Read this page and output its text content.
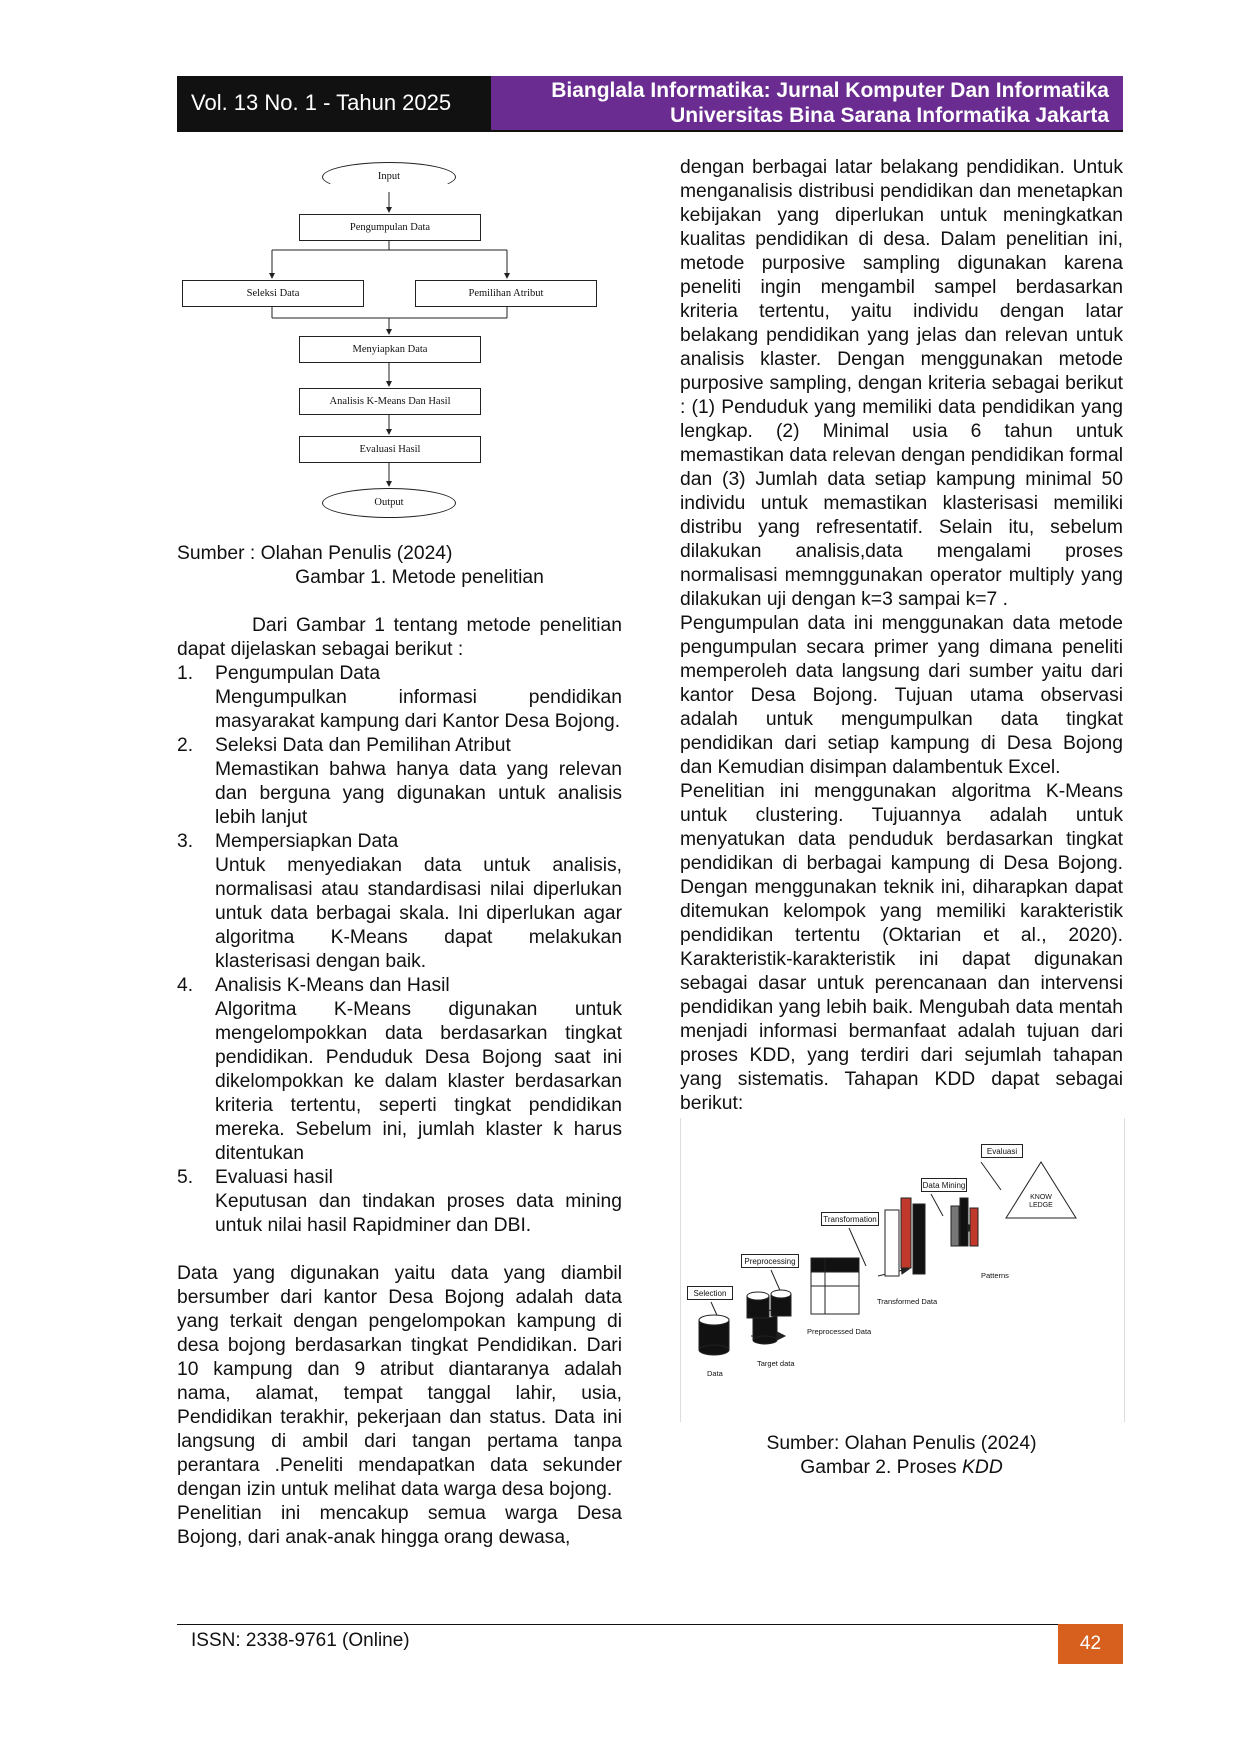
Vol. 13 No. 1 - Tahun 2025	Bianglala Informatika: Jurnal Komputer Dan Informatika
Universitas Bina Sarana Informatika Jakarta
Input
Pengumpulan Data
Seleksi Data	Pemilihan Atribut
Menyiapkan Data
Analisis K-Means Dan Hasil
Evaluasi Hasil
Output

Sumber : Olahan Penulis (2024)

Gambar 1. Metode penelitian

Dari Gambar 1 tentang metode penelitian dapat dijelaskan sebagai berikut :

1. Pengumpulan Data
Mengumpulkan informasi pendidikan masyarakat kampung dari Kantor Desa Bojong.
2. Seleksi Data dan Pemilihan Atribut
Memastikan bahwa hanya data yang relevan dan berguna yang digunakan untuk analisis lebih lanjut
3. Mempersiapkan Data
Untuk menyediakan data untuk analisis, normalisasi atau standardisasi nilai diperlukan untuk data berbagai skala. Ini diperlukan agar algoritma K-Means dapat melakukan klasterisasi dengan baik.
4. Analisis K-Means dan Hasil
Algoritma K-Means digunakan untuk mengelompokkan data berdasarkan tingkat pendidikan. Penduduk Desa Bojong saat ini dikelompokkan ke dalam klaster berdasarkan kriteria tertentu, seperti tingkat pendidikan mereka. Sebelum ini, jumlah klaster k harus ditentukan
5. Evaluasi hasil
Keputusan dan tindakan proses data mining untuk nilai hasil Rapidminer dan DBI.

Data yang digunakan yaitu data yang diambil bersumber dari kantor Desa Bojong adalah data yang terkait dengan pengelompokan kampung di desa bojong berdasarkan tingkat Pendidikan. Dari 10 kampung dan 9 atribut diantaranya adalah nama, alamat, tempat tanggal lahir, usia, Pendidikan terakhir, pekerjaan dan status. Data ini langsung di ambil dari tangan pertama tanpa perantara .Peneliti mendapatkan data sekunder dengan izin untuk melihat data warga desa bojong.

Penelitian ini mencakup semua warga Desa Bojong, dari anak-anak hingga orang dewasa,

dengan berbagai latar belakang pendidikan. Untuk menganalisis distribusi pendidikan dan menetapkan kebijakan yang diperlukan untuk meningkatkan kualitas pendidikan di desa. Dalam penelitian ini, metode purposive sampling digunakan karena peneliti ingin mengambil sampel berdasarkan kriteria tertentu, yaitu individu dengan latar belakang pendidikan yang jelas dan relevan untuk analisis klaster. Dengan menggunakan metode purposive sampling, dengan kriteria sebagai berikut : (1) Penduduk yang memiliki data pendidikan yang lengkap. (2) Minimal usia 6 tahun untuk memastikan data relevan dengan pendidikan formal dan (3) Jumlah data setiap kampung minimal 50 individu untuk memastikan klasterisasi memiliki distribu yang refresentatif. Selain itu, sebelum dilakukan analisis,data mengalami proses normalisasi memnggunakan operator multiply yang dilakukan uji dengan k=3 sampai k=7 .

Pengumpulan data ini menggunakan data metode pengumpulan secara primer yang dimana peneliti memperoleh data langsung dari sumber yaitu dari kantor Desa Bojong. Tujuan utama observasi adalah untuk mengumpulkan data tingkat pendidikan dari setiap kampung di Desa Bojong dan Kemudian disimpan dalambentuk Excel.

Penelitian ini menggunakan algoritma K-Means untuk clustering. Tujuannya adalah untuk menyatukan data penduduk berdasarkan tingkat pendidikan di berbagai kampung di Desa Bojong. Dengan menggunakan teknik ini, diharapkan dapat ditemukan kelompok yang memiliki karakteristik pendidikan tertentu (Oktarian et al., 2020). Karakteristik-karakteristik ini dapat digunakan sebagai dasar untuk perencanaan dan intervensi pendidikan yang lebih baik. Mengubah data mentah menjadi informasi bermanfaat adalah tujuan dari proses KDD, yang terdiri dari sejumlah tahapan yang sistematis. Tahapan KDD dapat sebagai berikut:

Selection
Preprocessing
Transformation
Data Mining
Evaluasi
KNOW LEDGE
Data
Target data
Preprocessed Data
Transformed Data
Patterns

Sumber: Olahan Penulis (2024)

Gambar 2. Proses KDD

ISSN: 2338-9761 (Online)	42
